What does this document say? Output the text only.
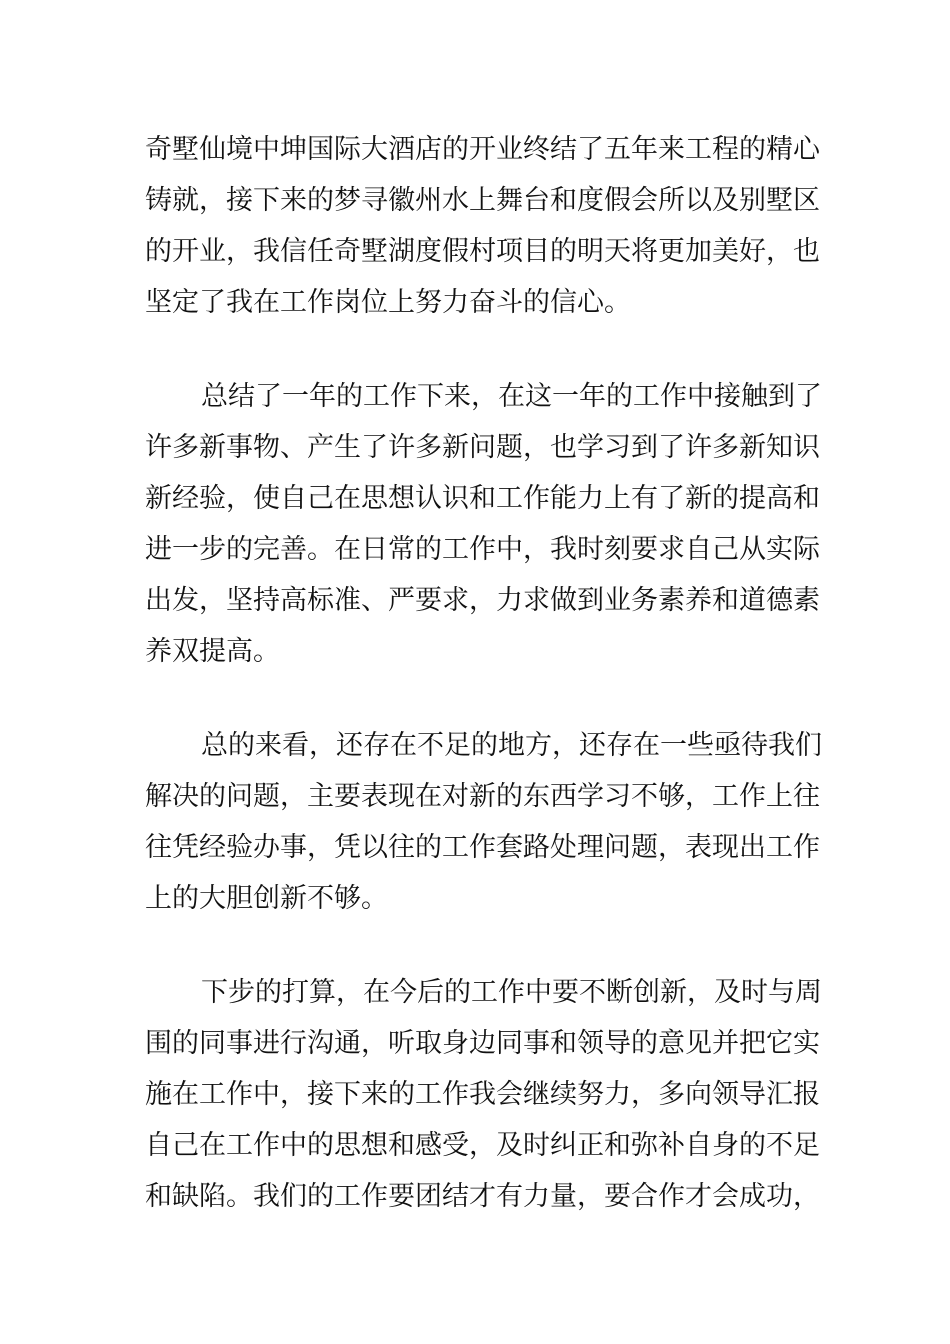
奇墅仙境中坤国际大酒店的开业终结了五年来工程的精心
铸就，接下来的梦寻徽州水上舞台和度假会所以及别墅区
的开业，我信任奇墅湖度假村项目的明天将更加美好，也
坚定了我在工作岗位上努力奋斗的信心。
总结了一年的工作下来，在这一年的工作中接触到了
许多新事物、产生了许多新问题，也学习到了许多新知识
新经验，使自己在思想认识和工作能力上有了新的提高和
进一步的完善。在日常的工作中，我时刻要求自己从实际
出发，坚持高标准、严要求，力求做到业务素养和道德素
养双提高。
总的来看，还存在不足的地方，还存在一些亟待我们
解决的问题，主要表现在对新的东西学习不够，工作上往
往凭经验办事，凭以往的工作套路处理问题，表现出工作
上的大胆创新不够。
下步的打算，在今后的工作中要不断创新，及时与周
围的同事进行沟通，听取身边同事和领导的意见并把它实
施在工作中，接下来的工作我会继续努力，多向领导汇报
自己在工作中的思想和感受，及时纠正和弥补自身的不足
和缺陷。我们的工作要团结才有力量，要合作才会成功，
